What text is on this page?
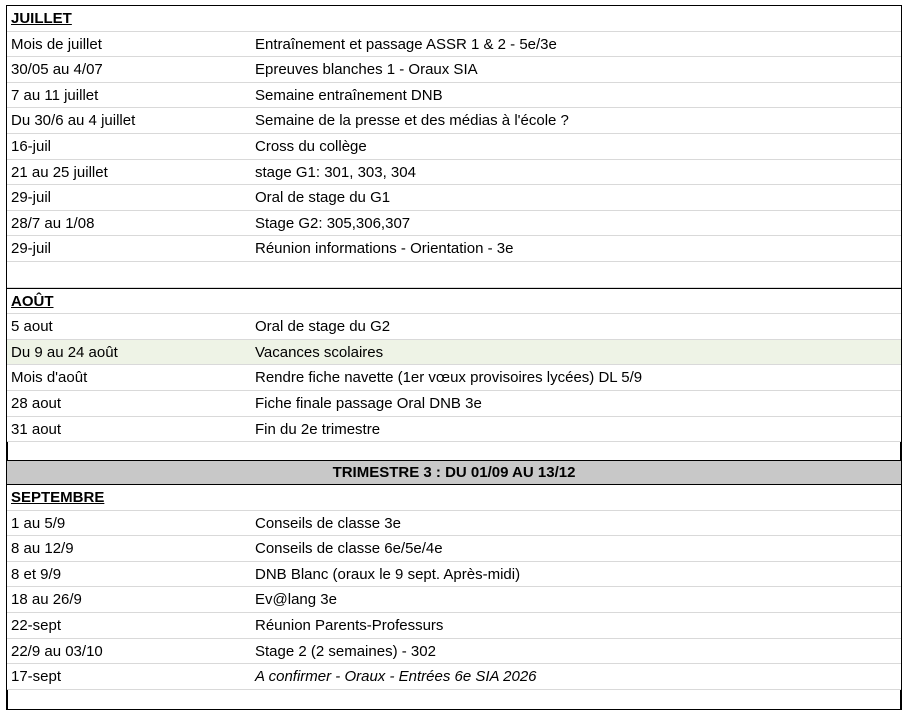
JUILLET
Mois de juillet	Entraînement et passage ASSR 1 & 2 - 5e/3e
30/05 au 4/07	Epreuves blanches 1 - Oraux SIA
7 au 11 juillet	Semaine entraînement DNB
Du 30/6 au 4 juillet	Semaine de la presse et des médias à l'école ?
16-juil	Cross du collège
21 au 25 juillet	stage G1: 301, 303, 304
29-juil	Oral de stage du G1
28/7 au 1/08	Stage G2: 305,306,307
29-juil	Réunion informations - Orientation - 3e
AOÛT
5 aout	Oral de stage du G2
Du 9 au 24 août	Vacances scolaires
Mois d'août	Rendre fiche navette (1er vœux provisoires lycées) DL 5/9
28 aout	Fiche finale passage Oral DNB 3e
31 aout	Fin du 2e trimestre
TRIMESTRE 3 : DU 01/09 AU 13/12
SEPTEMBRE
1 au 5/9	Conseils de classe 3e
8 au 12/9	Conseils de classe 6e/5e/4e
8 et 9/9	DNB Blanc (oraux le 9 sept. Après-midi)
18 au 26/9	Ev@lang 3e
22-sept	Réunion Parents-Professurs
22/9 au 03/10	Stage 2 (2 semaines) - 302
17-sept	A confirmer - Oraux - Entrées 6e SIA 2026
